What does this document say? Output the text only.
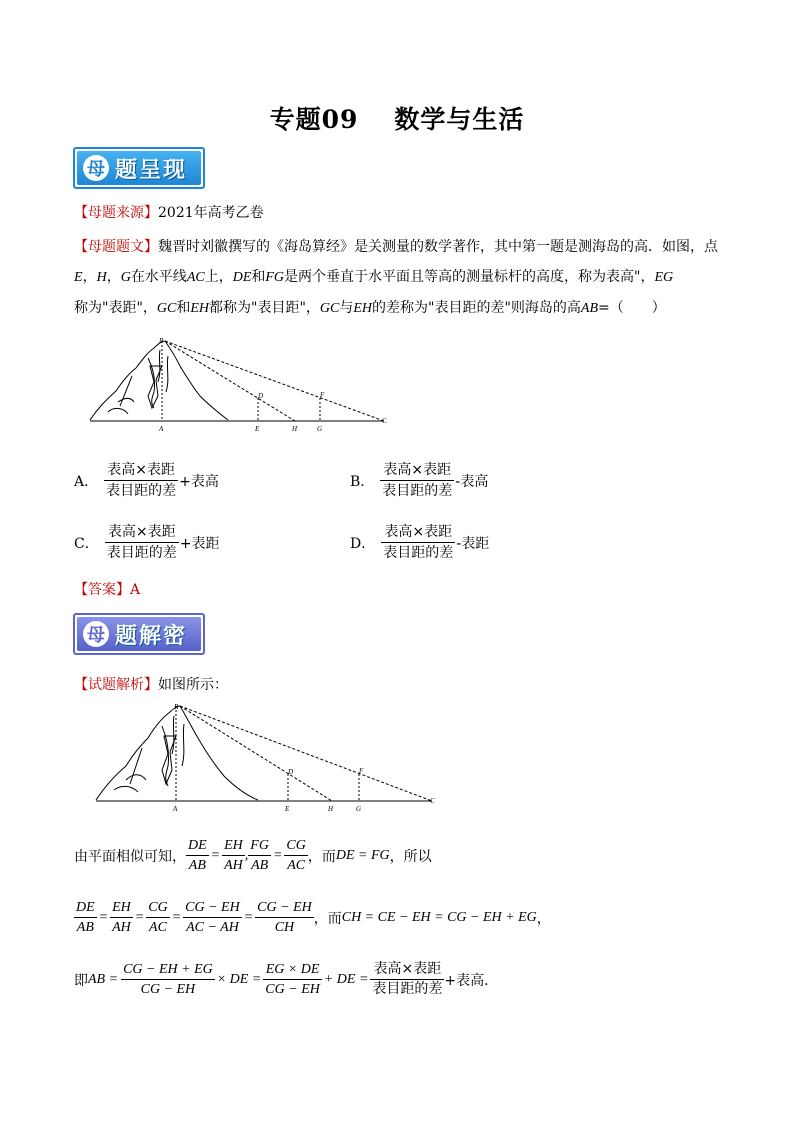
专题09 数学与生活
母 题呈现
【母题来源】2021年高考乙卷
【母题题文】魏晋时刘徽撰写的《海岛算经》是关测量的数学著作，其中第一题是测海岛的高．如图，点
E，H，G在水平线AC上，DE和FG是两个垂直于水平面且等高的测量标杆的高度，称为表高"，EG
称为"表距"，GC和EH都称为"表目距"，GC与EH的差称为"表目距的差"则海岛的高AB=（　　）
B
D	F
A	E	H	G
C
A． $\frac{\text{表高×表距}}{\text{表目距的差}}$ +表高	B． $\frac{\text{表高×表距}}{\text{表目距的差}}$ -表高
C． $\frac{\text{表高×表距}}{\text{表目距的差}}$ +表距	D． $\frac{\text{表高×表距}}{\text{表目距的差}}$ -表距
【答案】A
母 题解密
【试题解析】如图所示：
B
D	F
A	E	H	G
C
由平面相似可知， $\frac{DE}{AB} = \frac{EH}{AH}$ , $\frac{FG}{AB} = \frac{CG}{AC}$ ，而 DE = FG ，所以
$\frac{DE}{AB} = \frac{EH}{AH} = \frac{CG}{AC} = \frac{CG - EH}{AC - AH} = \frac{CG - EH}{CH}$ ，而 CH = CE − EH = CG − EH + EG ，
即 AB = $\frac{CG - EH + EG}{CG - EH}$ × DE = $\frac{EG \times DE}{CG - EH}$ + DE = $\frac{\text{表高×表距}}{\text{表目距的差}}$ +表高．
